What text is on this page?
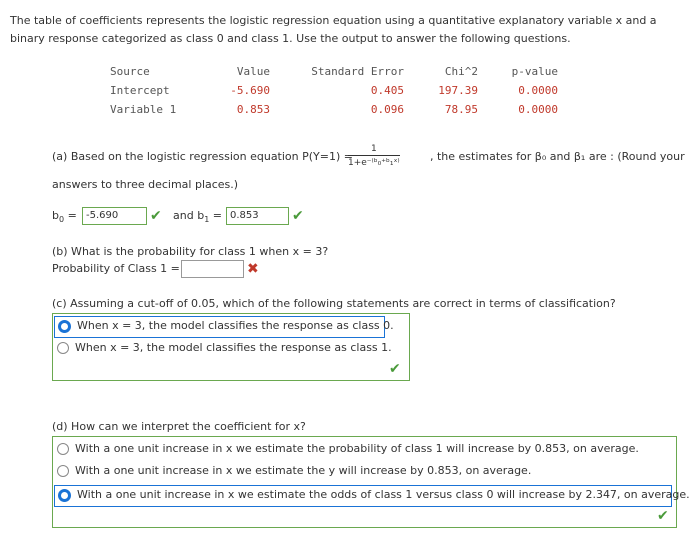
The table of coefficients represents the logistic regression equation using a quantitative explanatory variable x and a binary response categorized as class 0 and class 1. Use the output to answer the following questions.
Source	Value	Standard Error	Chi^2	p-value
Intercept	-5.690	0.405	197.39	0.0000
Variable 1	0.853	0.096	78.95	0.0000
(a) Based on the logistic regression equation P(Y=1) =
$\frac{1}{\text{1+e⁻⁽ᵇ₀⁺ᵇ₁ˣ⁾}}$	, the estimates for β₀ and β₁ are : (Round your
answers to three decimal places.)
$b_0 = -5.690$	✔ and $b_1 = 0.853$	✔
(b) What is the probability for class 1 when x = 3?
Probability of Class 1 =	✖
(c) Assuming a cut-off of 0.05, which of the following statements are correct in terms of classification?
When x = 3, the model classifies the response as class 0.
When x = 3, the model classifies the response as class 1.
✔
(d) How can we interpret the coefficient for x?
With a one unit increase in x we estimate the probability of class 1 will increase by 0.853, on average.
With a one unit increase in x we estimate the y will increase by 0.853, on average.
With a one unit increase in x we estimate the odds of class 1 versus class 0 will increase by 2.347, on average.
✔
